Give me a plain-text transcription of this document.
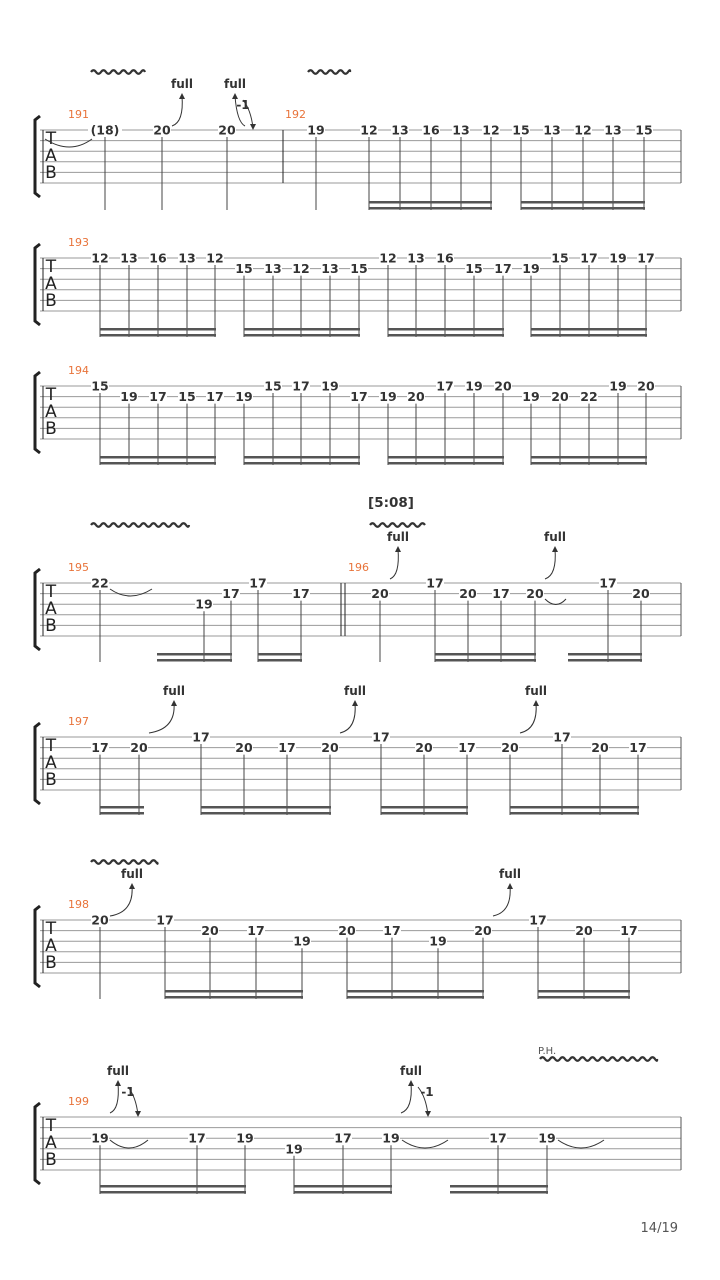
T
A
B
191	192
(18)	20	20	19	12 13 16 13 12 15 13 12 13 15
full	full
-1
T
A
B
193
12 13 16 13 12
15 13 12 13 15
12 13 16
15 17 19
15 17 19 17
T
A
B
194
15
19 17 15 17 19
15 17 19
17 19 20
17 19 20
19 20 22
19 20
T
A
B
195	196
22
19
17
17
17	20
17
20 17 20
17
20
full	full
[5:08]
T
A
B
197
17 20
17
20 17 20
17
20 17 20
17
20 17
full	full	full
T
A
B
198
20	17
20 17
19
20 17
19
20
17
20 17
full	full
T
A
B
199
19	17 19
19
17 19	17	19
full	full
-1	-1
P.H.
14/19
